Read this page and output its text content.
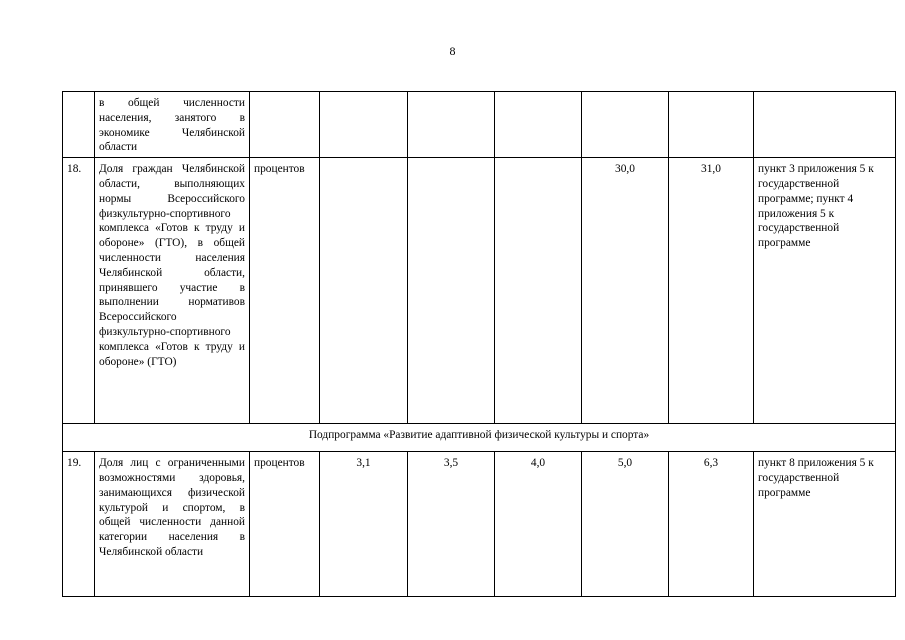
8
	в общей численности населения, занятого в экономике Челябинской области							
18.	Доля граждан Челябинской области, выполняющих нормы Всероссийского физкультурно-спортивного комплекса «Готов к труду и обороне» (ГТО), в общей численности населения Челябинской области, принявшего участие в выполнении нормативов Всероссийского физкультурно-спортивного комплекса «Готов к труду и обороне» (ГТО)	процентов				30,0	31,0	пункт 3 приложения 5 к государственной программе; пункт 4 приложения 5 к государственной программе
Подпрограмма «Развитие адаптивной физической культуры и спорта»								
19.	Доля лиц с ограниченными возможностями здоровья, занимающихся физической культурой и спортом, в общей численности данной категории населения в Челябинской области	процентов	3,1	3,5	4,0	5,0	6,3	пункт 8 приложения 5 к государственной программе
